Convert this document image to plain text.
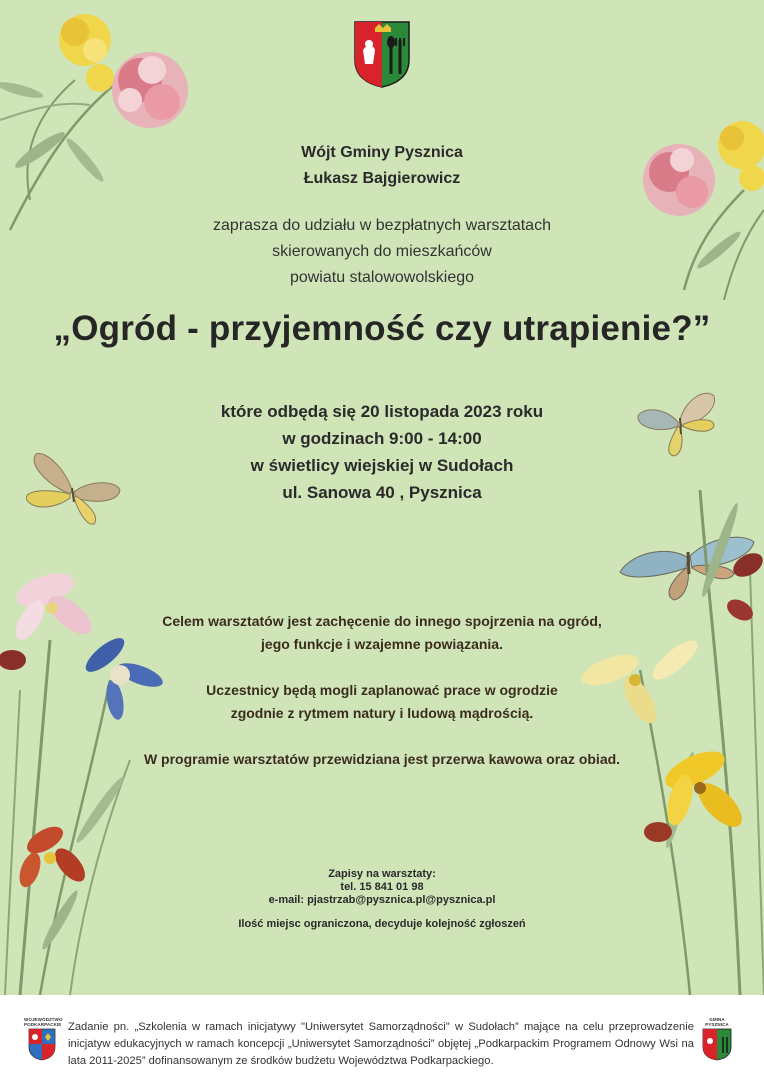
Wójt Gminy Pysznica
Łukasz Bajgierowicz
zaprasza do udziału w bezpłatnych warsztatach
skierowanych do mieszkańców
powiatu stalowowolskiego
„Ogród - przyjemność czy utrapienie?”
które odbędą się 20 listopada 2023 roku
w godzinach 9:00 - 14:00
w świetlicy wiejskiej w Sudołach
ul. Sanowa 40 , Pysznica

Celem warsztatów jest zachęcenie do innego spojrzenia na ogród,
jego funkcje i wzajemne powiązania.

Uczestnicy będą mogli zaplanować prace w ogrodzie
zgodnie z rytmem natury i ludową mądrością.

W programie warsztatów przewidziana jest przerwa kawowa oraz obiad.

Zapisy na warsztaty:
tel. 15 841 01 98
e-mail: pjastrzab@pysznica.pl@pysznica.pl
Ilość miejsc ograniczona, decyduje kolejność zgłoszeń
WOJEWÓDZTWO PODKARPACKIE Zadanie pn. „Szkolenia w ramach inicjatywy "Uniwersytet Samorządności" w Sudołach” mające na celu przeprowadzenie inicjatyw edukacyjnych w ramach koncepcji „Uniwersytet Samorządności” objętej „Podkarpackim Programem Odnowy Wsi na lata 2011-2025” dofinansowanym ze środków budżetu Województwa Podkarpackiego.
GMINA PYSZNICA
